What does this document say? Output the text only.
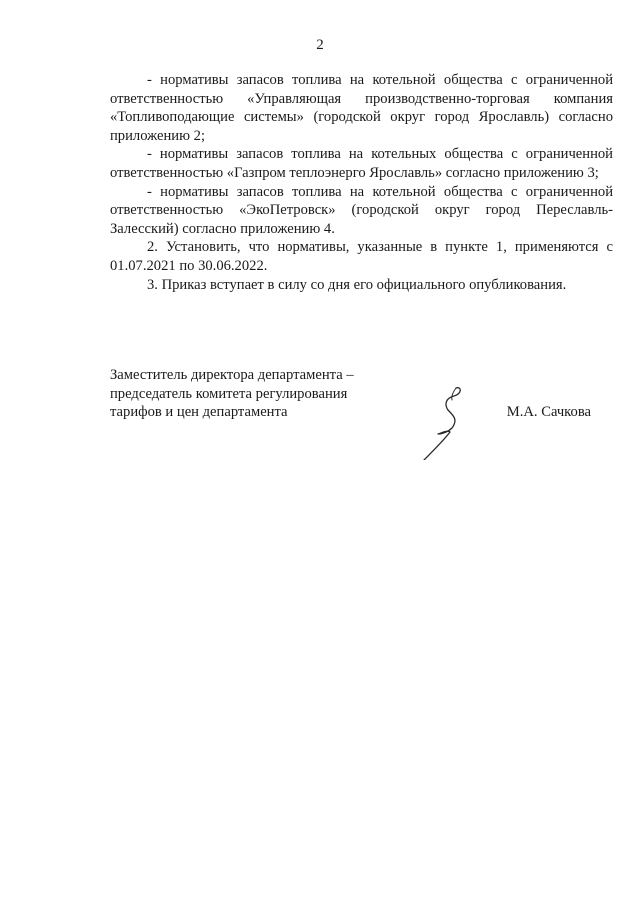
2

- нормативы запасов топлива на котельной общества с ограниченной ответственностью «Управляющая производственно-торговая компания «Топливоподающие системы» (городской округ город Ярославль) согласно приложению 2;

- нормативы запасов топлива на котельных общества с ограниченной ответственностью «Газпром теплоэнерго Ярославль» согласно приложению 3;

- нормативы запасов топлива на котельной общества с ограниченной ответственностью «ЭкоПетровск» (городской округ город Переславль-Залесский) согласно приложению 4.

2. Установить, что нормативы, указанные в пункте 1, применяются с 01.07.2021 по 30.06.2022.

3. Приказ вступает в силу со дня его официального опубликования.

Заместитель директора департамента –
председатель комитета регулирования
тарифов и цен департамента	М.А. Сачкова
